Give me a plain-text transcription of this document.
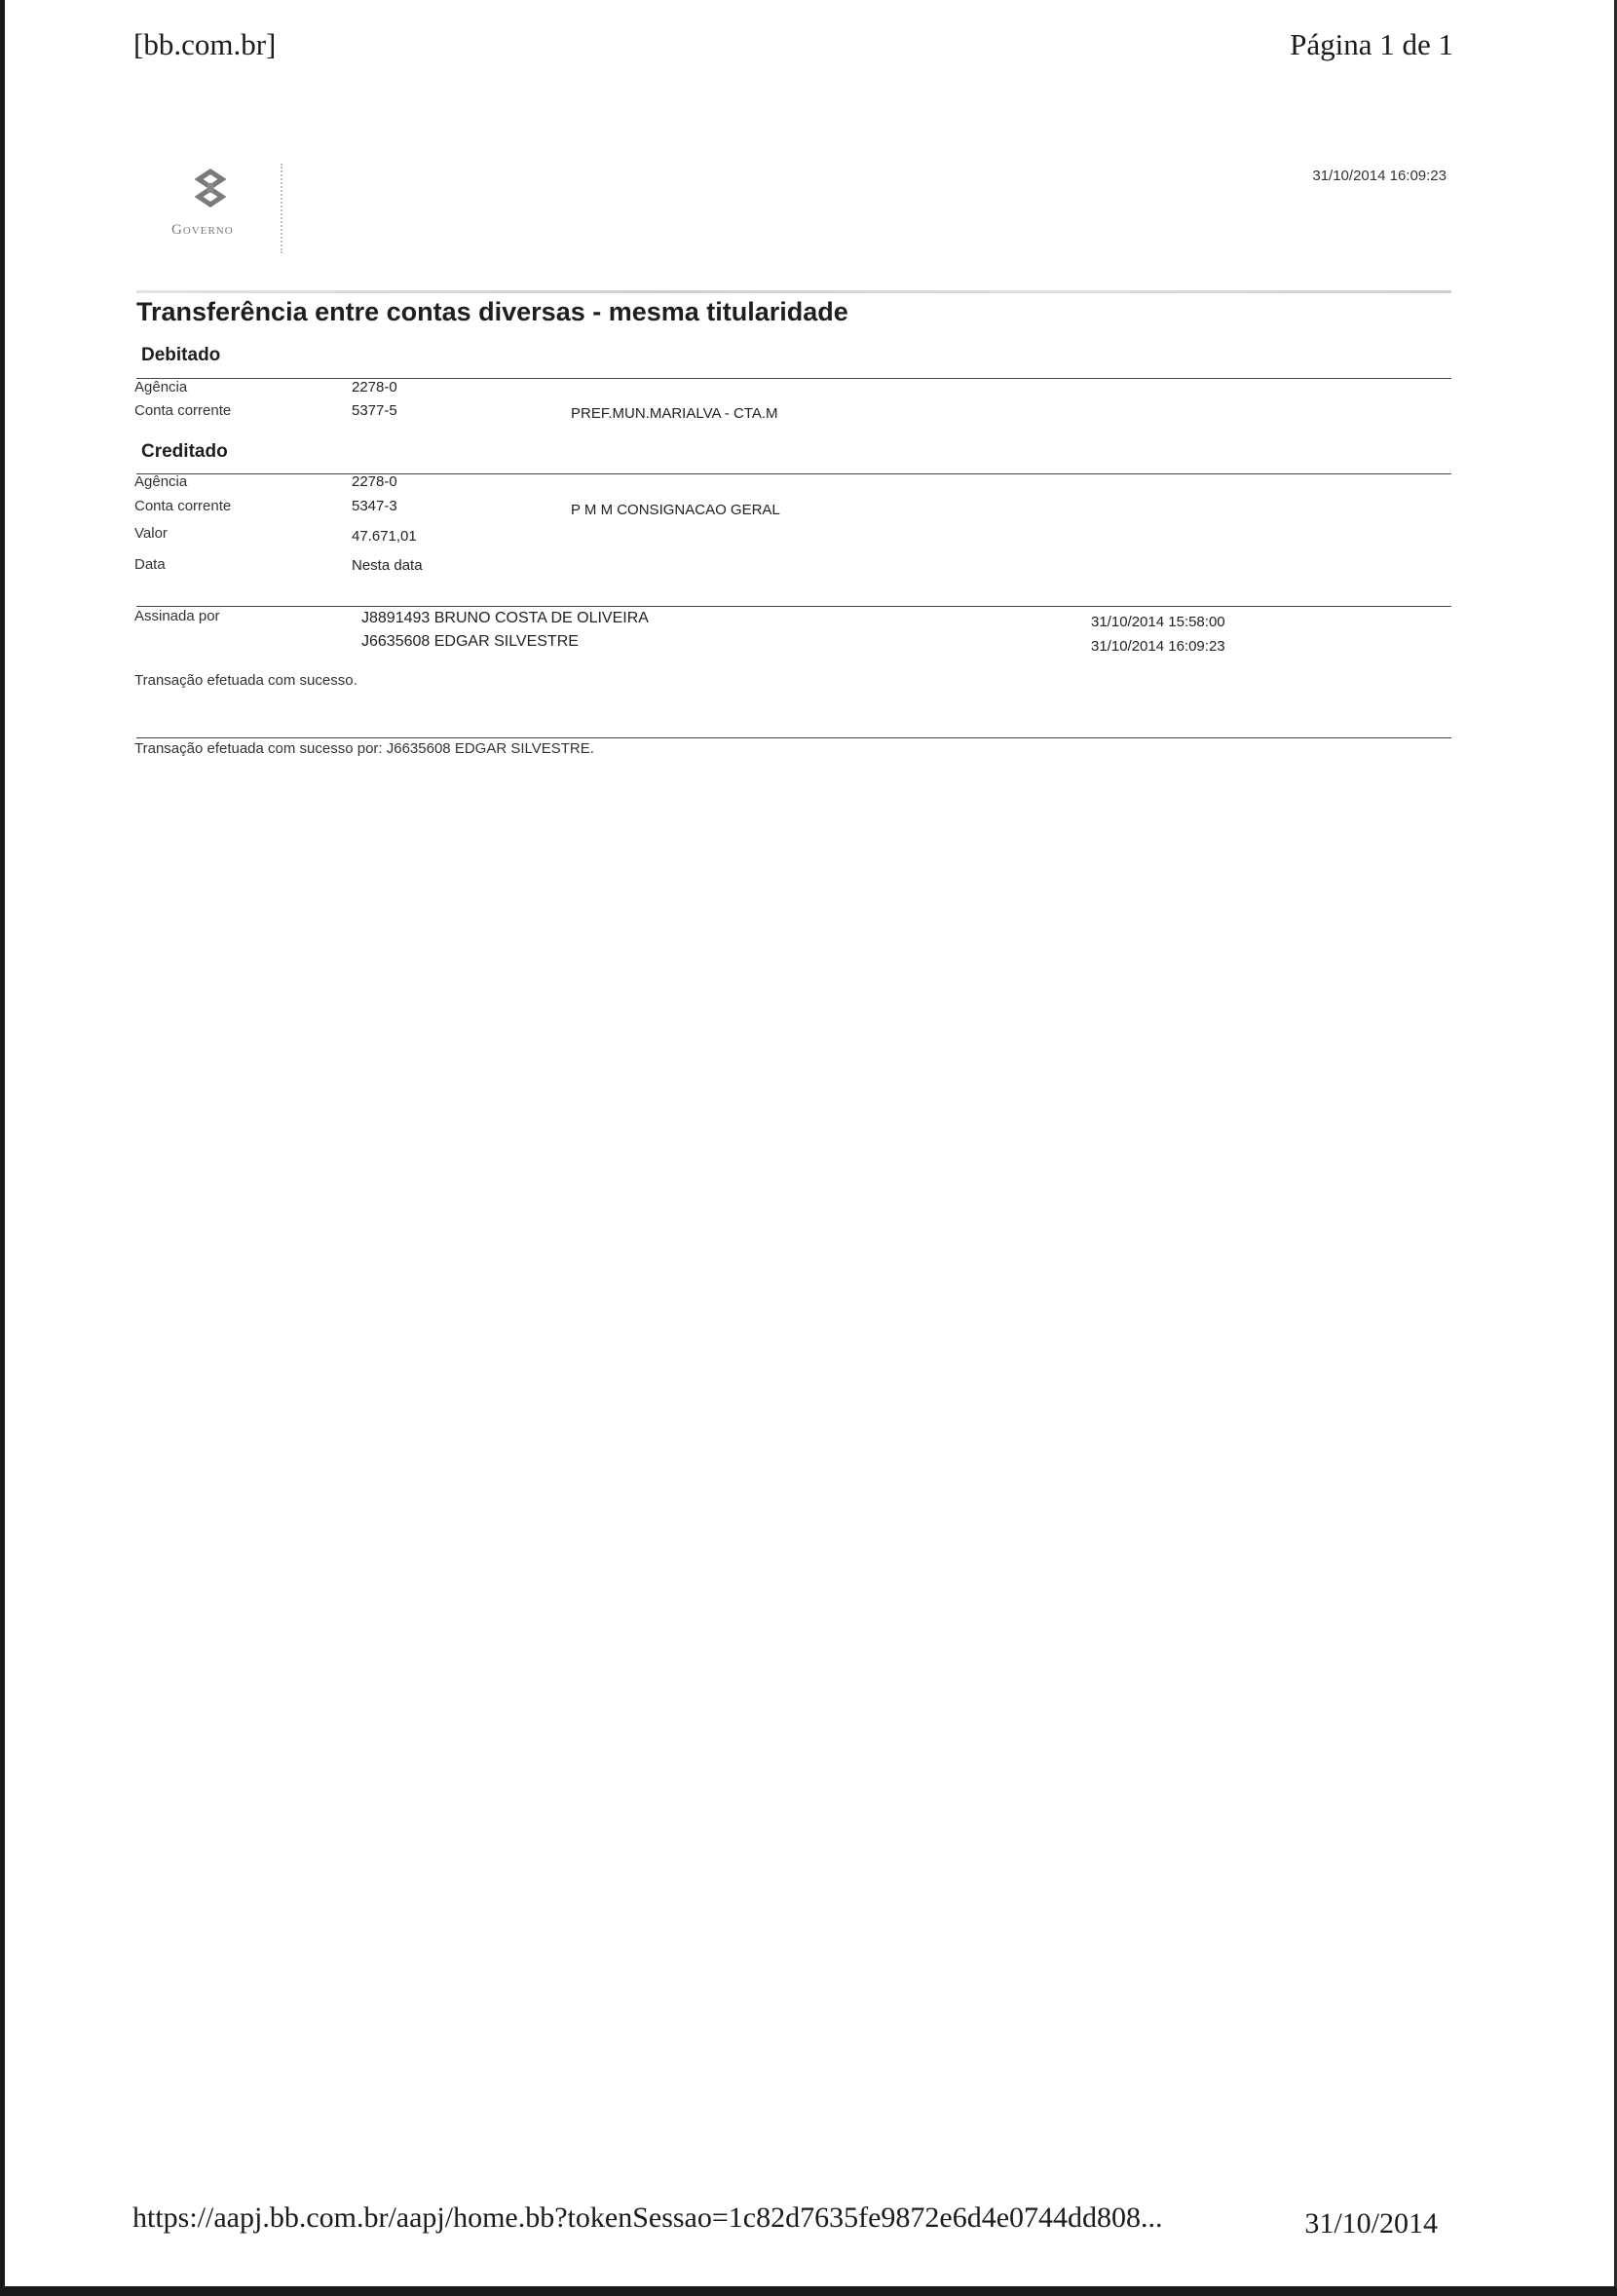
[bb.com.br]	Página 1 de 1
Governo
31/10/2014 16:09:23
Transferência entre contas diversas - mesma titularidade
Debitado
Agência	2278-0
Conta corrente	5377-5	PREF.MUN.MARIALVA - CTA.M
Creditado
Agência	2278-0
Conta corrente	5347-3	P M M CONSIGNACAO GERAL
Valor	47.671,01
Data	Nesta data
Assinada por	J8891493 BRUNO COSTA DE OLIVEIRA	31/10/2014 15:58:00
J6635608 EDGAR SILVESTRE	31/10/2014 16:09:23
Transação efetuada com sucesso.
Transação efetuada com sucesso por: J6635608 EDGAR SILVESTRE.
https://aapj.bb.com.br/aapj/home.bb?tokenSessao=1c82d7635fe9872e6d4e0744dd808...	31/10/2014
